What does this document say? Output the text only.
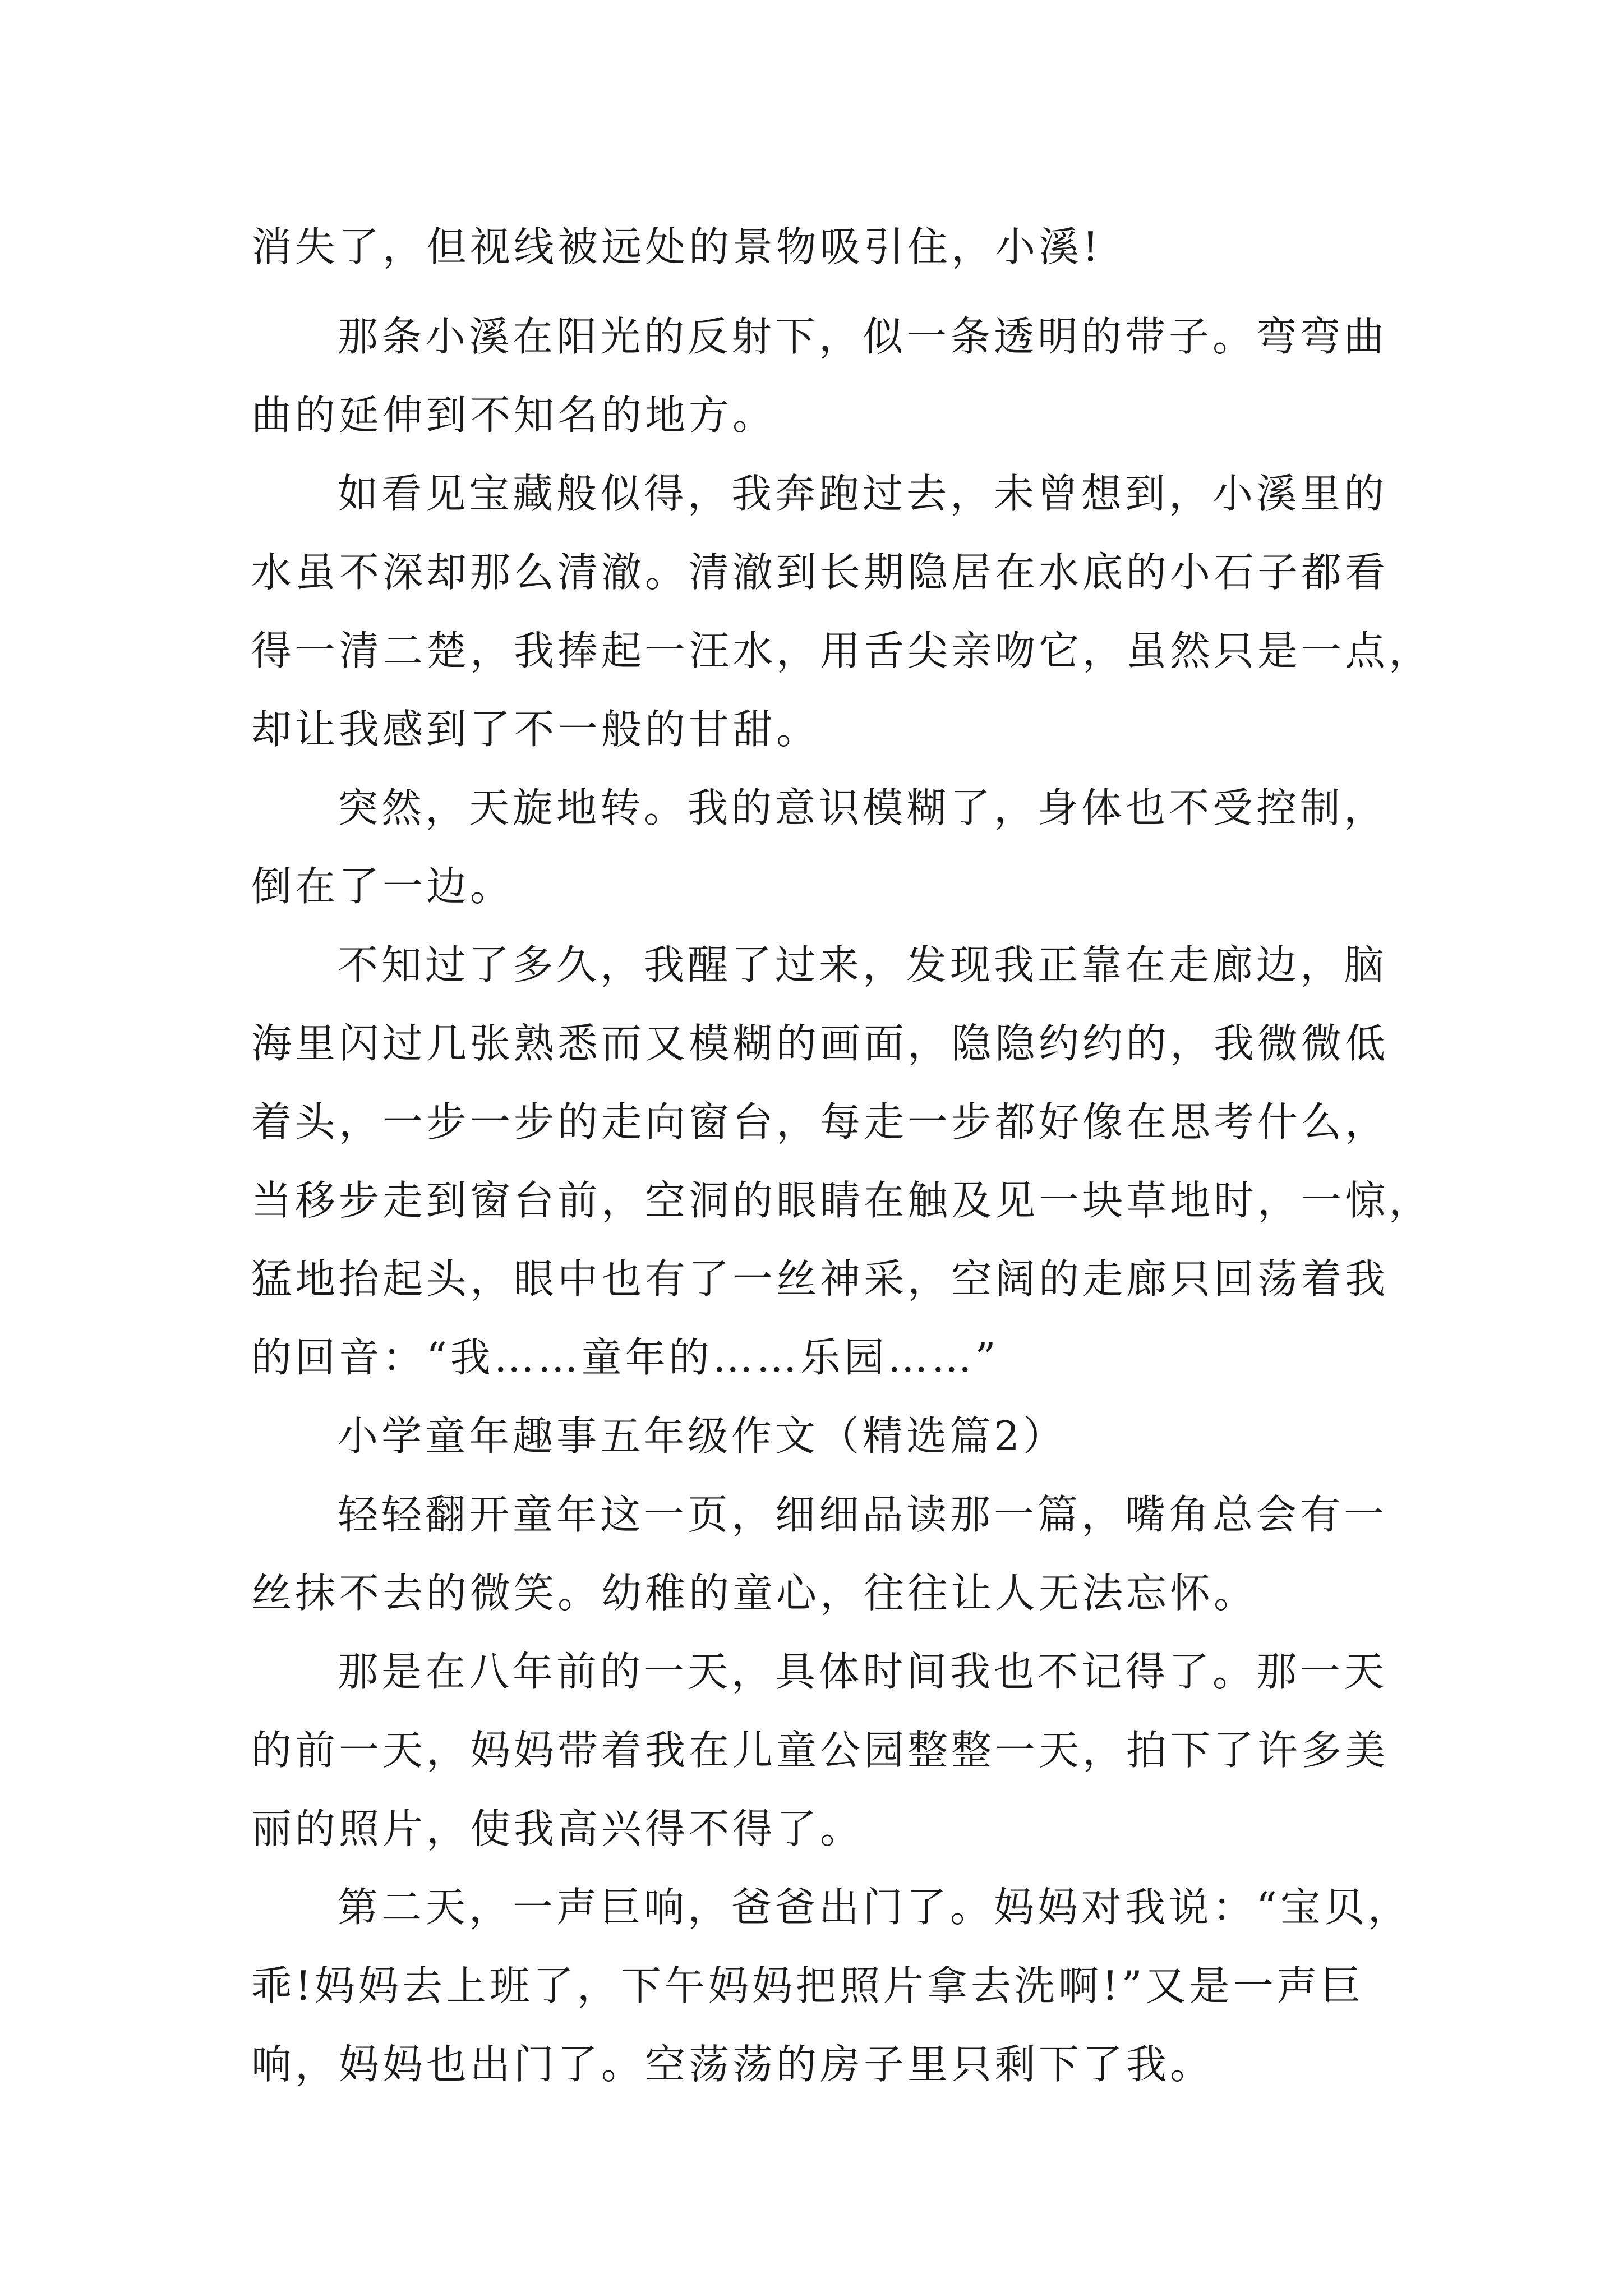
消失了，但视线被远处的景物吸引住，小溪!
那条小溪在阳光的反射下，似一条透明的带子。弯弯曲
曲的延伸到不知名的地方。
如看见宝藏般似得，我奔跑过去，未曾想到，小溪里的
水虽不深却那么清澈。清澈到长期隐居在水底的小石子都看
得一清二楚，我捧起一汪水，用舌尖亲吻它，虽然只是一点，
却让我感到了不一般的甘甜。
突然，天旋地转。我的意识模糊了，身体也不受控制，
倒在了一边。
不知过了多久，我醒了过来，发现我正靠在走廊边，脑
海里闪过几张熟悉而又模糊的画面，隐隐约约的，我微微低
着头，一步一步的走向窗台，每走一步都好像在思考什么，
当移步走到窗台前，空洞的眼睛在触及见一块草地时，一惊，
猛地抬起头，眼中也有了一丝神采，空阔的走廊只回荡着我
的回音：“我……童年的……乐园……”
小学童年趣事五年级作文（精选篇2）
轻轻翻开童年这一页，细细品读那一篇，嘴角总会有一
丝抹不去的微笑。幼稚的童心，往往让人无法忘怀。
那是在八年前的一天，具体时间我也不记得了。那一天
的前一天，妈妈带着我在儿童公园整整一天，拍下了许多美
丽的照片，使我高兴得不得了。
第二天，一声巨响，爸爸出门了。妈妈对我说：“宝贝，
乖!妈妈去上班了，下午妈妈把照片拿去洗啊!”又是一声巨
响，妈妈也出门了。空荡荡的房子里只剩下了我。
